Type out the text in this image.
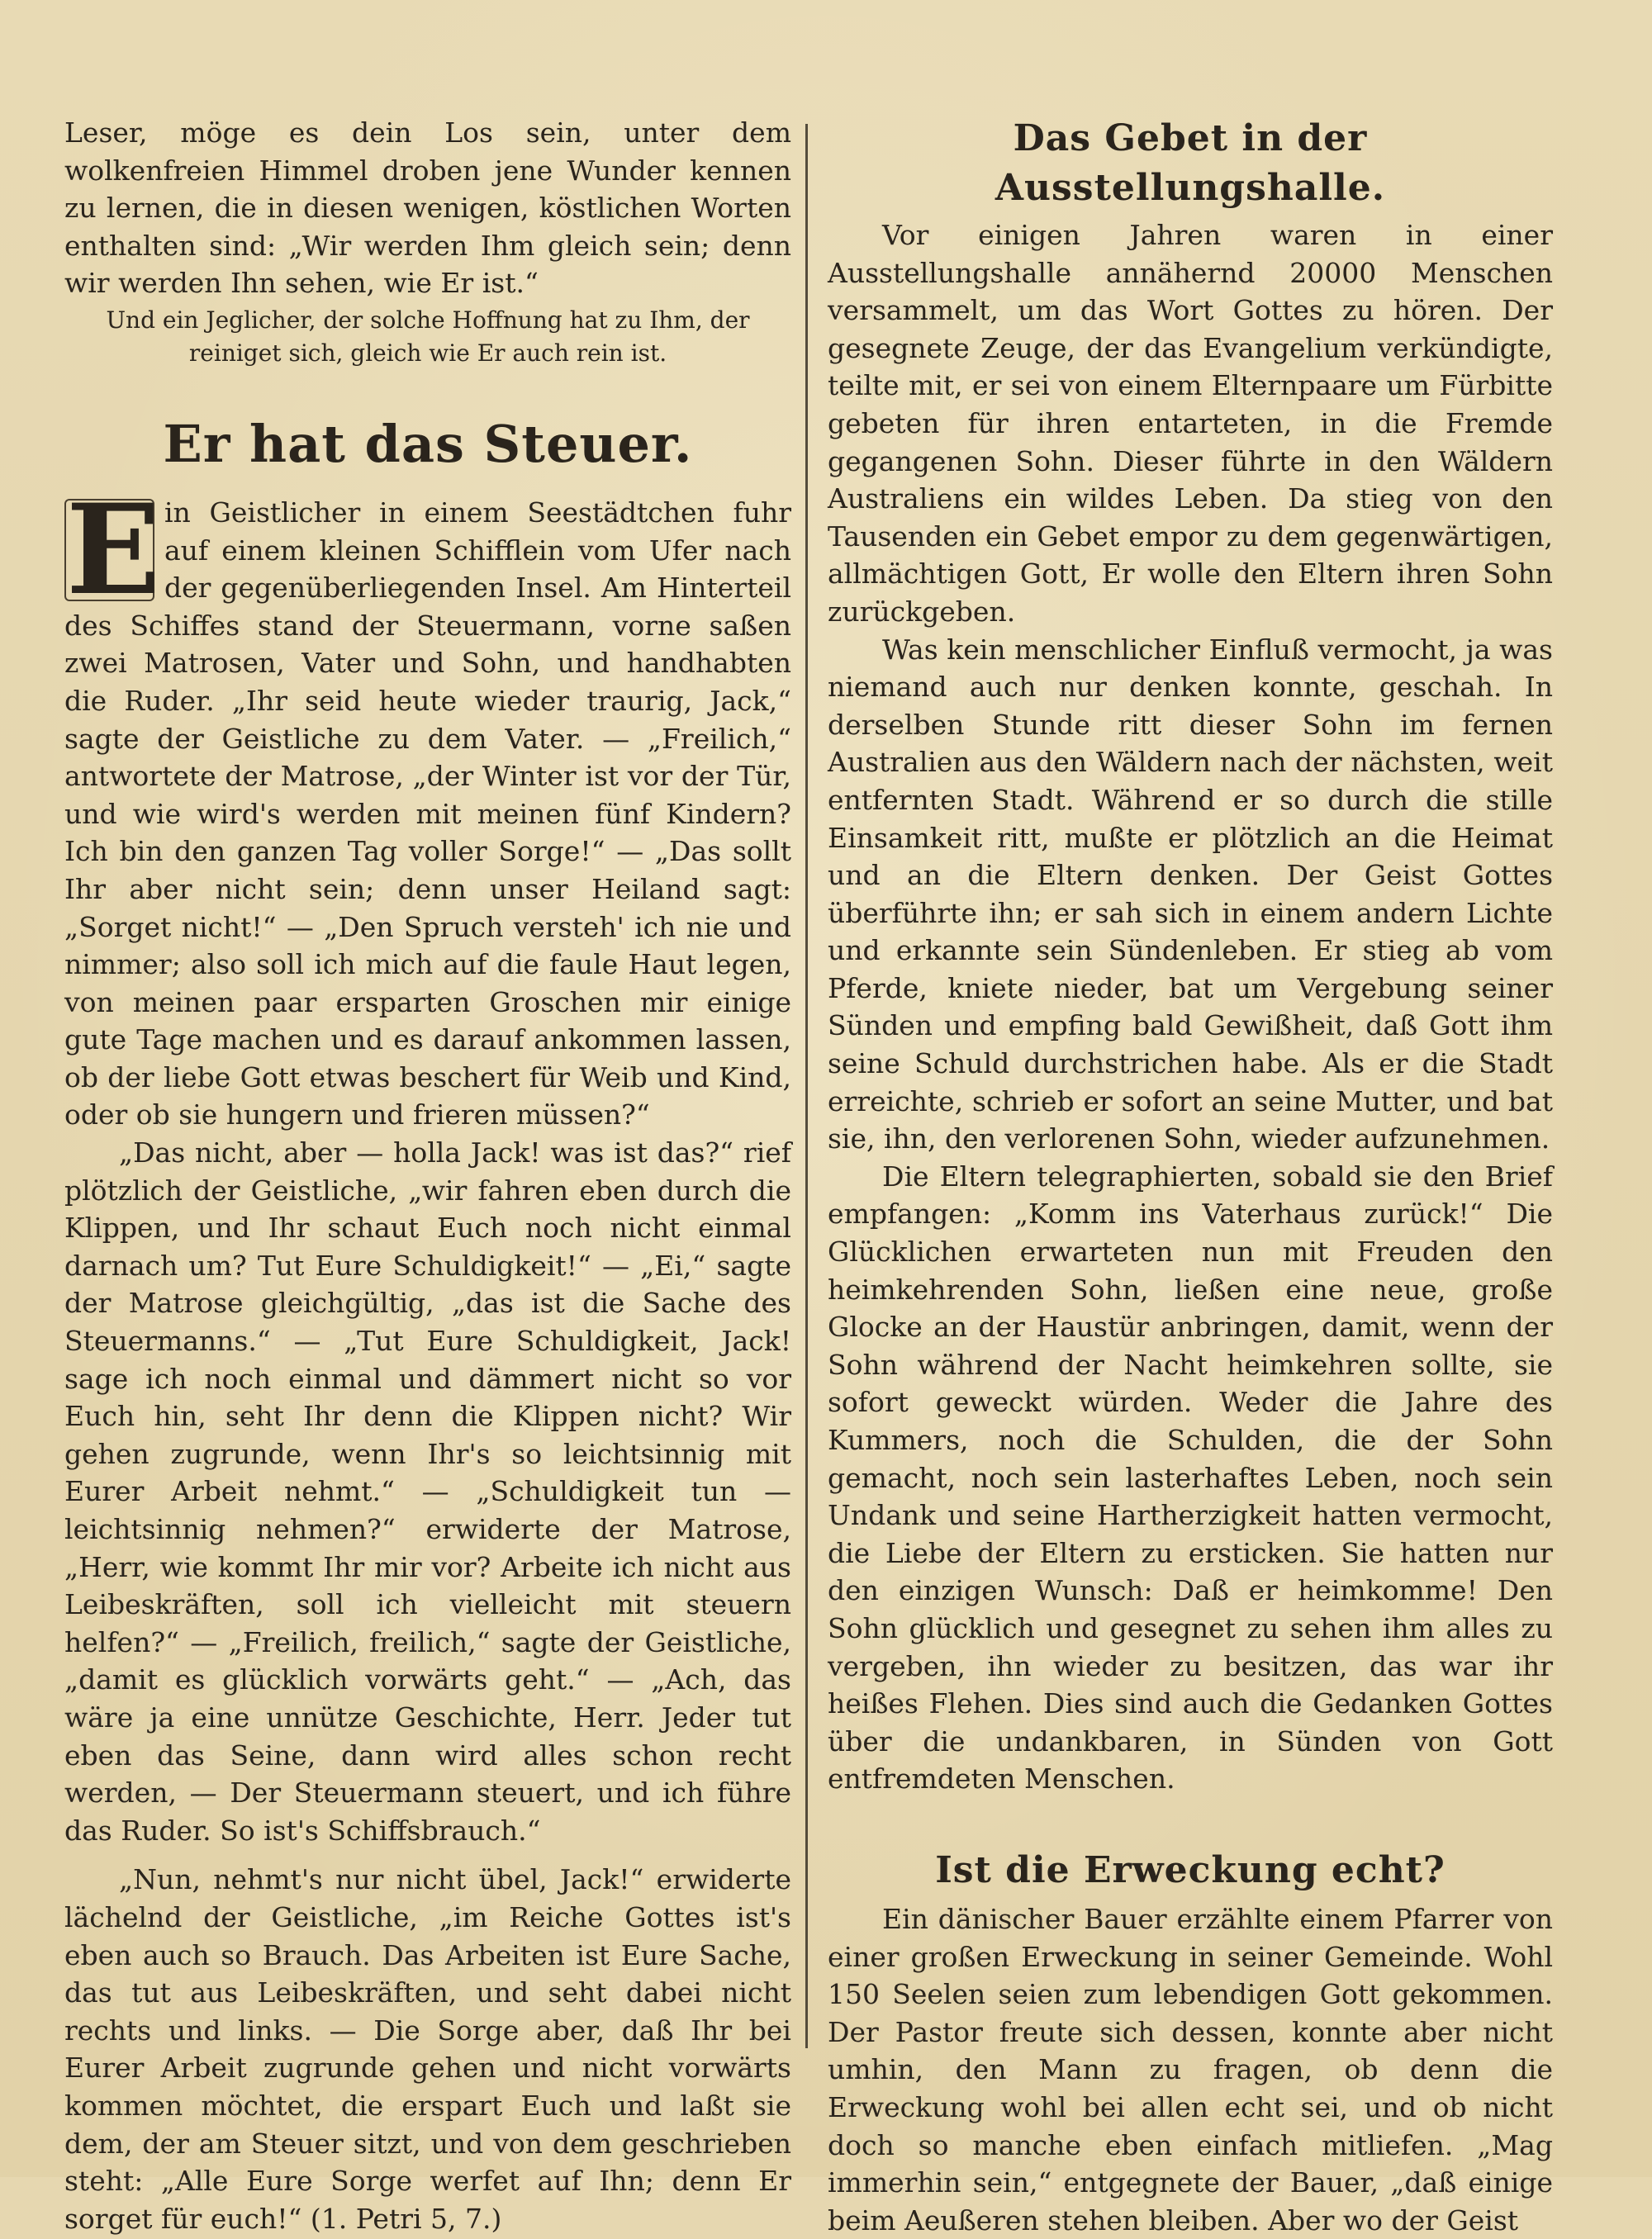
Leser, möge es dein Los sein, unter dem wolkenfreien Himmel droben jene Wunder kennen zu lernen, die in diesen wenigen, köstlichen Worten enthalten sind: „Wir werden Ihm gleich sein; denn wir werden Ihn sehen, wie Er ist.“

Und ein Jeglicher, der solche Hoffnung hat zu Ihm, der reiniget sich, gleich wie Er auch rein ist.

Er hat das Steuer.

E in Geistlicher in einem Seestädtchen fuhr auf einem kleinen Schifflein vom Ufer nach der gegenüberliegenden Insel. Am Hinterteil des Schiffes stand der Steuermann, vorne saßen zwei Matrosen, Vater und Sohn, und handhabten die Ruder. „Ihr seid heute wieder traurig, Jack,“ sagte der Geistliche zu dem Vater. — „Freilich,“ antwortete der Matrose, „der Winter ist vor der Tür, und wie wird's werden mit meinen fünf Kindern? Ich bin den ganzen Tag voller Sorge!“ — „Das sollt Ihr aber nicht sein; denn unser Heiland sagt: „Sorget nicht!“ — „Den Spruch versteh' ich nie und nimmer; also soll ich mich auf die faule Haut legen, von meinen paar ersparten Groschen mir einige gute Tage machen und es darauf ankommen lassen, ob der liebe Gott etwas beschert für Weib und Kind, oder ob sie hungern und frieren müssen?“

„Das nicht, aber — holla Jack! was ist das?“ rief plötzlich der Geistliche, „wir fahren eben durch die Klippen, und Ihr schaut Euch noch nicht einmal darnach um? Tut Eure Schuldigkeit!“ — „Ei,“ sagte der Matrose gleichgültig, „das ist die Sache des Steuermanns.“ — „Tut Eure Schuldigkeit, Jack! sage ich noch einmal und dämmert nicht so vor Euch hin, seht Ihr denn die Klippen nicht? Wir gehen zugrunde, wenn Ihr's so leichtsinnig mit Eurer Arbeit nehmt.“ — „Schuldigkeit tun — leichtsinnig nehmen?“ erwiderte der Matrose, „Herr, wie kommt Ihr mir vor? Arbeite ich nicht aus Leibeskräften, soll ich vielleicht mit steuern helfen?“ — „Freilich, freilich,“ sagte der Geistliche, „damit es glücklich vorwärts geht.“ — „Ach, das wäre ja eine unnütze Geschichte, Herr. Jeder tut eben das Seine, dann wird alles schon recht werden, — Der Steuermann steuert, und ich führe das Ruder. So ist's Schiffsbrauch.“

„Nun, nehmt's nur nicht übel, Jack!“ erwiderte lächelnd der Geistliche, „im Reiche Gottes ist's eben auch so Brauch. Das Arbeiten ist Eure Sache, das tut aus Leibeskräften, und seht dabei nicht rechts und links. — Die Sorge aber, daß Ihr bei Eurer Arbeit zugrunde gehen und nicht vorwärts kommen möchtet, die erspart Euch und laßt sie dem, der am Steuer sitzt, und von dem geschrieben steht: „Alle Eure Sorge werfet auf Ihn; denn Er sorget für euch!“ (1. Petri 5, 7.)

Das Gebet in der Ausstellungshalle.

Vor einigen Jahren waren in einer Ausstellungshalle annähernd 20000 Menschen versammelt, um das Wort Gottes zu hören. Der gesegnete Zeuge, der das Evangelium verkündigte, teilte mit, er sei von einem Elternpaare um Fürbitte gebeten für ihren entarteten, in die Fremde gegangenen Sohn. Dieser führte in den Wäldern Australiens ein wildes Leben. Da stieg von den Tausenden ein Gebet empor zu dem gegenwärtigen, allmächtigen Gott, Er wolle den Eltern ihren Sohn zurückgeben.

Was kein menschlicher Einfluß vermocht, ja was niemand auch nur denken konnte, geschah. In derselben Stunde ritt dieser Sohn im fernen Australien aus den Wäldern nach der nächsten, weit entfernten Stadt. Während er so durch die stille Einsamkeit ritt, mußte er plötzlich an die Heimat und an die Eltern denken. Der Geist Gottes überführte ihn; er sah sich in einem andern Lichte und erkannte sein Sündenleben. Er stieg ab vom Pferde, kniete nieder, bat um Vergebung seiner Sünden und empfing bald Gewißheit, daß Gott ihm seine Schuld durchstrichen habe. Als er die Stadt erreichte, schrieb er sofort an seine Mutter, und bat sie, ihn, den verlorenen Sohn, wieder aufzunehmen.

Die Eltern telegraphierten, sobald sie den Brief empfangen: „Komm ins Vaterhaus zurück!“ Die Glücklichen erwarteten nun mit Freuden den heimkehrenden Sohn, ließen eine neue, große Glocke an der Haustür anbringen, damit, wenn der Sohn während der Nacht heimkehren sollte, sie sofort geweckt würden. Weder die Jahre des Kummers, noch die Schulden, die der Sohn gemacht, noch sein lasterhaftes Leben, noch sein Undank und seine Hartherzigkeit hatten vermocht, die Liebe der Eltern zu ersticken. Sie hatten nur den einzigen Wunsch: Daß er heimkomme! Den Sohn glücklich und gesegnet zu sehen ihm alles zu vergeben, ihn wieder zu besitzen, das war ihr heißes Flehen. Dies sind auch die Gedanken Gottes über die undankbaren, in Sünden von Gott entfremdeten Menschen.

Ist die Erweckung echt?

Ein dänischer Bauer erzählte einem Pfarrer von einer großen Erweckung in seiner Gemeinde. Wohl 150 Seelen seien zum lebendigen Gott gekommen. Der Pastor freute sich dessen, konnte aber nicht umhin, den Mann zu fragen, ob denn die Erweckung wohl bei allen echt sei, und ob nicht doch so manche eben einfach mitliefen. „Mag immerhin sein,“ entgegnete der Bauer, „daß einige beim Aeußeren stehen bleiben. Aber wo der Geist
